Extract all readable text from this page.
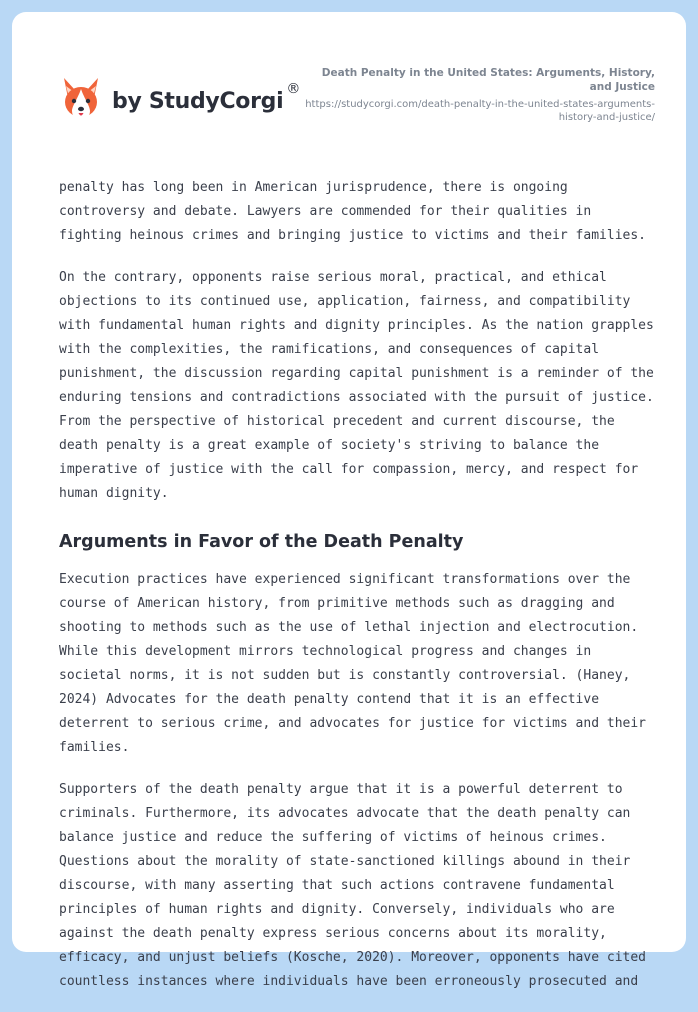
by StudyCorgi ®
Death Penalty in the United States: Arguments, History, and Justice
https://studycorgi.com/death-penalty-in-the-united-states-arguments-history-and-justice/

penalty has long been in American jurisprudence, there is ongoing controversy and debate. Lawyers are commended for their qualities in fighting heinous crimes and bringing justice to victims and their families.

On the contrary, opponents raise serious moral, practical, and ethical objections to its continued use, application, fairness, and compatibility with fundamental human rights and dignity principles. As the nation grapples with the complexities, the ramifications, and consequences of capital punishment, the discussion regarding capital punishment is a reminder of the enduring tensions and contradictions associated with the pursuit of justice. From the perspective of historical precedent and current discourse, the death penalty is a great example of society's striving to balance the imperative of justice with the call for compassion, mercy, and respect for human dignity.

Arguments in Favor of the Death Penalty

Execution practices have experienced significant transformations over the course of American history, from primitive methods such as dragging and shooting to methods such as the use of lethal injection and electrocution. While this development mirrors technological progress and changes in societal norms, it is not sudden but is constantly controversial. (Haney, 2024) Advocates for the death penalty contend that it is an effective deterrent to serious crime, and advocates for justice for victims and their families.

Supporters of the death penalty argue that it is a powerful deterrent to criminals. Furthermore, its advocates advocate that the death penalty can balance justice and reduce the suffering of victims of heinous crimes. Questions about the morality of state-sanctioned killings abound in their discourse, with many asserting that such actions contravene fundamental principles of human rights and dignity. Conversely, individuals who are against the death penalty express serious concerns about its morality, efficacy, and unjust beliefs (Kosche, 2020). Moreover, opponents have cited countless instances where individuals have been erroneously prosecuted and
